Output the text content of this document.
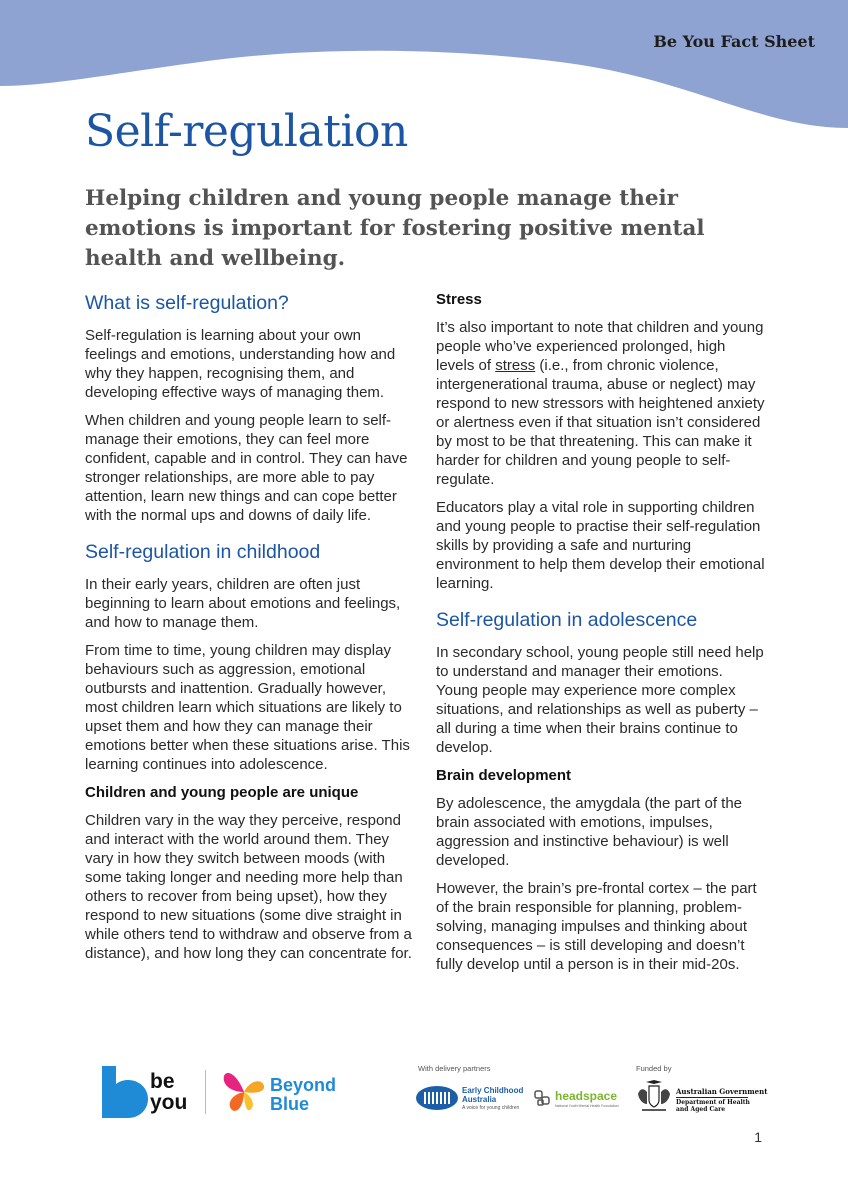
Be You Fact Sheet
Self-regulation

Helping children and young people manage their emotions is important for fostering positive mental health and wellbeing.

What is self-regulation?

Self-regulation is learning about your own feelings and emotions, understanding how and why they happen, recognising them, and developing effective ways of managing them.

When children and young people learn to self-manage their emotions, they can feel more confident, capable and in control. They can have stronger relationships, are more able to pay attention, learn new things and can cope better with the normal ups and downs of daily life.

Self-regulation in childhood

In their early years, children are often just beginning to learn about emotions and feelings, and how to manage them.

From time to time, young children may display behaviours such as aggression, emotional outbursts and inattention. Gradually however, most children learn which situations are likely to upset them and how they can manage their emotions better when these situations arise. This learning continues into adolescence.

Children and young people are unique

Children vary in the way they perceive, respond and interact with the world around them. They vary in how they switch between moods (with some taking longer and needing more help than others to recover from being upset), how they respond to new situations (some dive straight in while others tend to withdraw and observe from a distance), and how long they can concentrate for.

Stress

It’s also important to note that children and young people who’ve experienced prolonged, high levels of stress (i.e., from chronic violence, intergenerational trauma, abuse or neglect) may respond to new stressors with heightened anxiety or alertness even if that situation isn’t considered by most to be that threatening. This can make it harder for children and young people to self-regulate.

Educators play a vital role in supporting children and young people to practise their self-regulation skills by providing a safe and nurturing environment to help them develop their emotional learning.

Self-regulation in adolescence

In secondary school, young people still need help to understand and manager their emotions. Young people may experience more complex situations, and relationships as well as puberty – all during a time when their brains continue to develop.

Brain development

By adolescence, the amygdala (the part of the brain associated with emotions, impulses, aggression and instinctive behaviour) is well developed.

However, the brain’s pre-frontal cortex – the part of the brain responsible for planning, problem-solving, managing impulses and thinking about consequences – is still developing and doesn’t fully develop until a person is in their mid-20s.

be
you
Beyond
Blue
With delivery partners	Funded by
Early Childhood
Australia
A voice for young children
headspace
National Youth Mental Health Foundation
Australian Government
Department of Health
and Aged Care
1
